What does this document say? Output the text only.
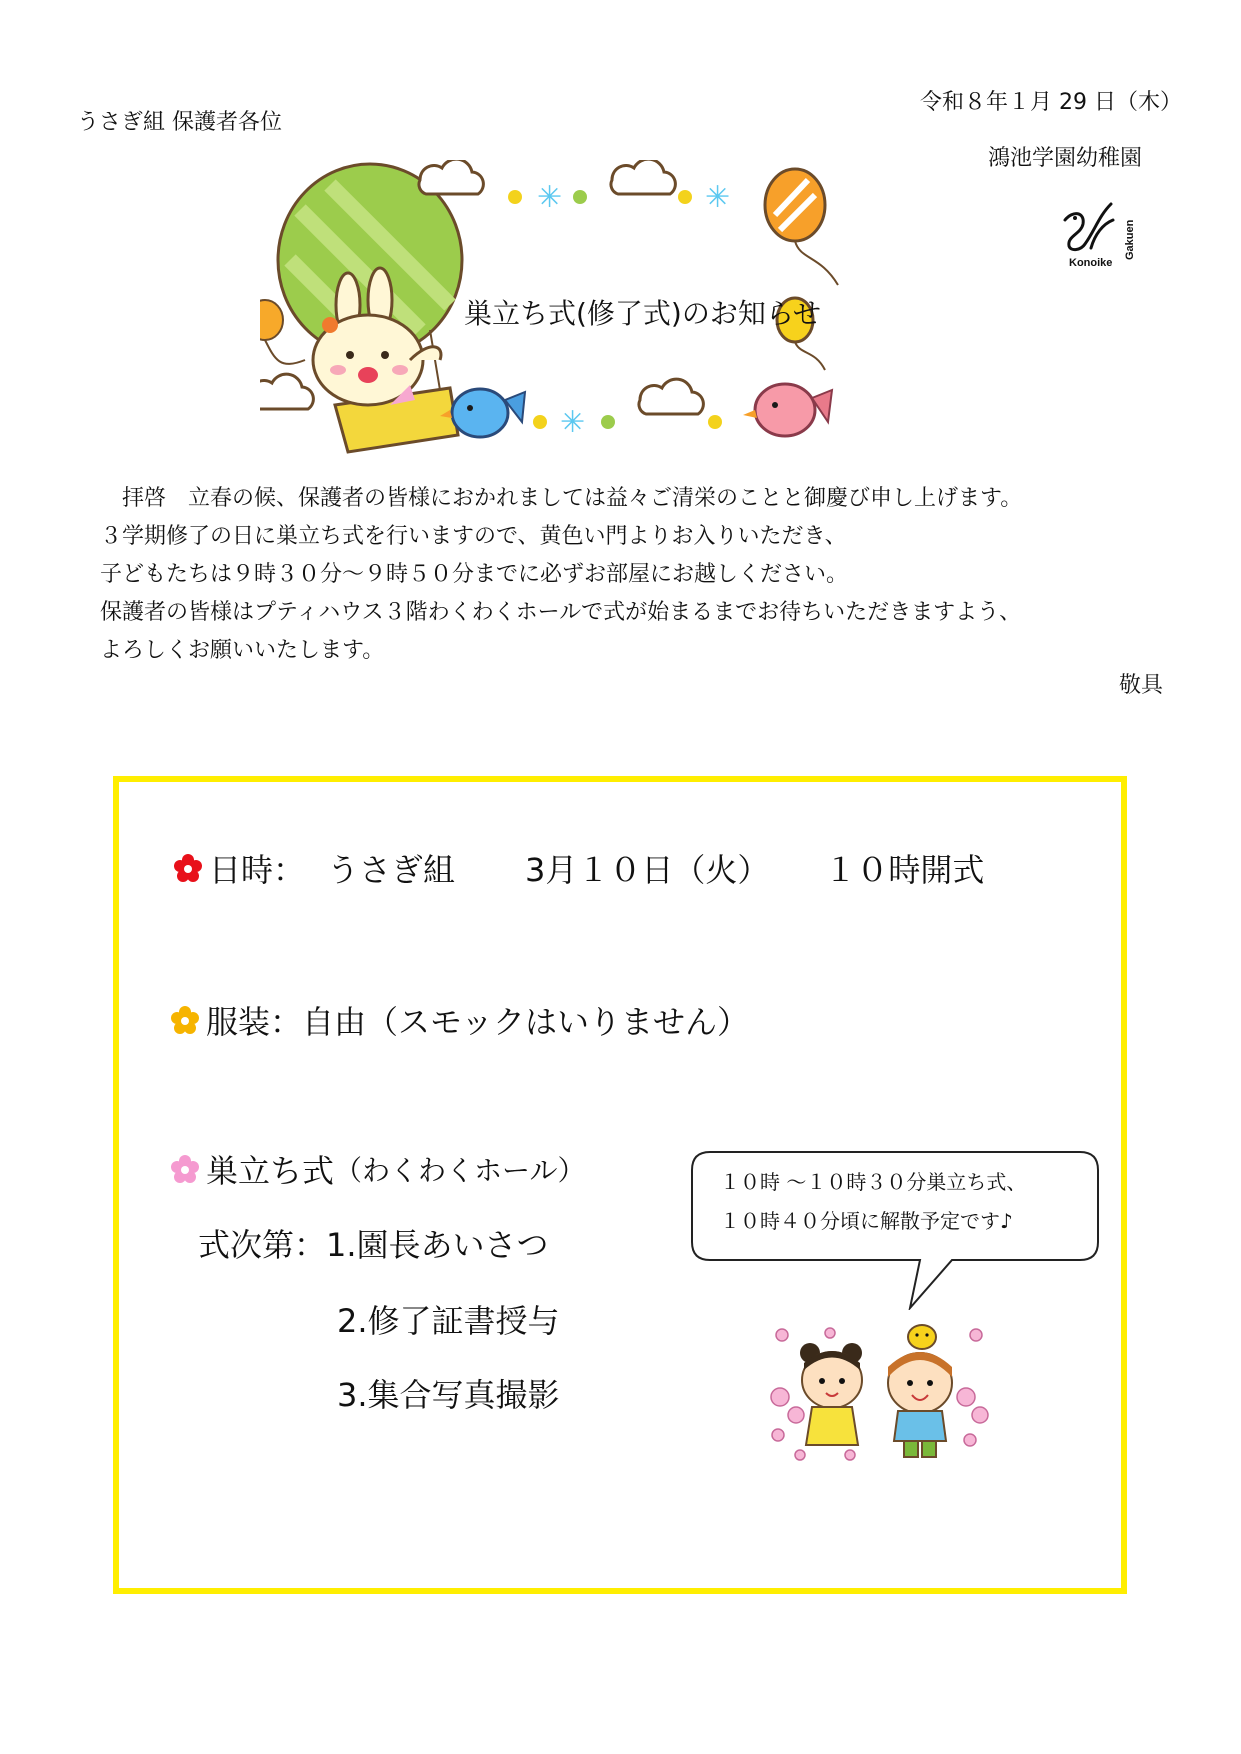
うさぎ組 保護者各位
令和８年１月 29 日（木）
鴻池学園幼稚園
Konoike
Gakuen
✳	✳
✳
巣立ち式(修了式)のお知らせ

拝啓　立春の候、保護者の皆様におかれましては益々ご清栄のことと御慶び申し上げます。

３学期修了の日に巣立ち式を行いますので、黄色い門よりお入りいただき、

子どもたちは９時３０分〜９時５０分までに必ずお部屋にお越しください。

保護者の皆様はプティハウス３階わくわくホールで式が始まるまでお待ちいただきますよう、

よろしくお願いいたします。

敬具
日時： うさぎ組 3月１０日（火） １０時開式
服装： 自由（スモックはいりません）
巣立ち式 （わくわくホール）
式次第： 1.園長あいさつ
2.修了証書授与
3.集合写真撮影
１０時 〜１０時３０分巣立ち式、
１０時４０分頃に解散予定です♪
